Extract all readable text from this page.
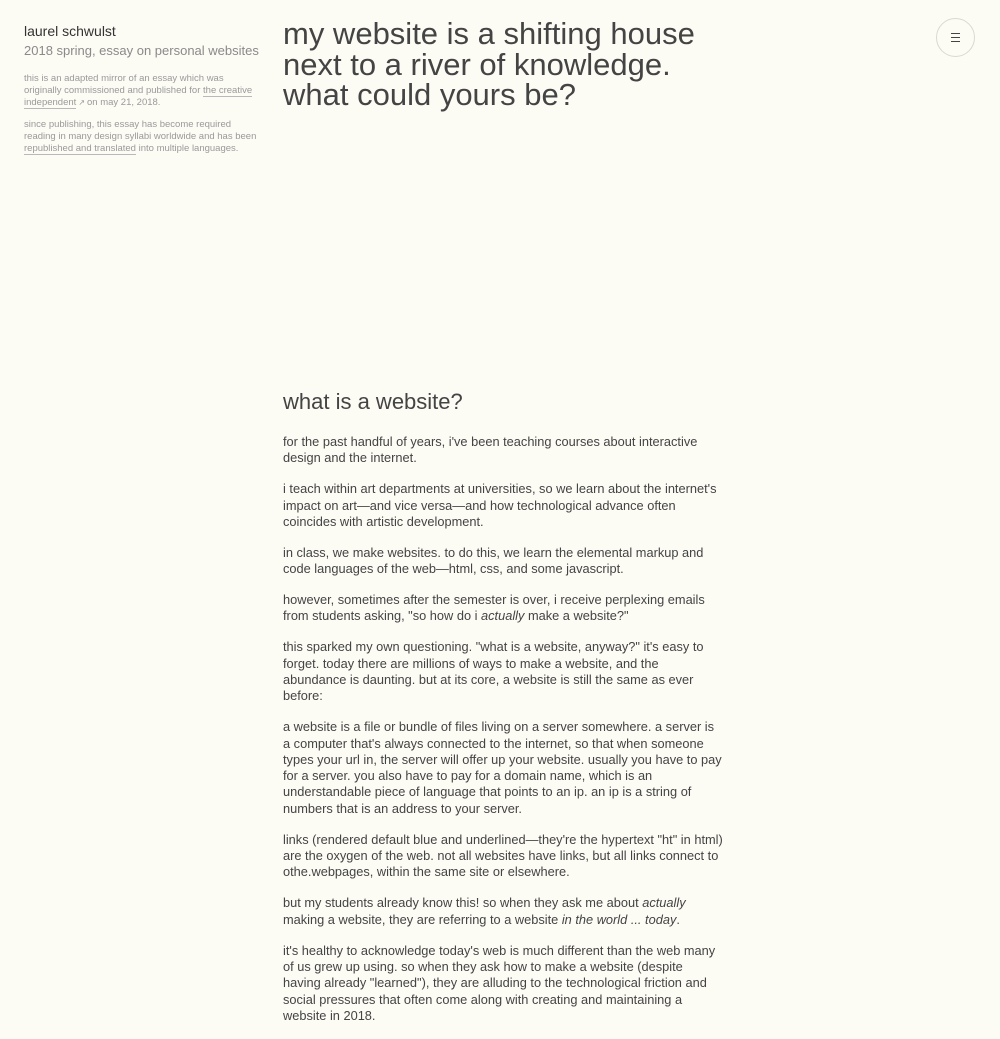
laurel schwulst

2018 spring, essay on personal websites

this is an adapted mirror of an essay which was originally commissioned and published for the creative independent ↗ on may 21, 2018.

since publishing, this essay has become required reading in many design syllabi worldwide and has been republished and translated into multiple languages.

my website is a shifting house next to a river of knowledge. what could yours be?
what is a website?

for the past handful of years, i've been teaching courses about interactive design and the internet.

i teach within art departments at universities, so we learn about the internet's impact on art—and vice versa—and how technological advance often coincides with artistic development.

in class, we make websites. to do this, we learn the elemental markup and code languages of the web—html, css, and some javascript.

however, sometimes after the semester is over, i receive perplexing emails from students asking, "so how do i actually make a website?"

this sparked my own questioning. "what is a website, anyway?" it's easy to forget. today there are millions of ways to make a website, and the abundance is daunting. but at its core, a website is still the same as ever before:

a website is a file or bundle of files living on a server somewhere. a server is a computer that's always connected to the internet, so that when someone types your url in, the server will offer up your website. usually you have to pay for a server. you also have to pay for a domain name, which is an understandable piece of language that points to an ip. an ip is a string of numbers that is an address to your server.

links (rendered default blue and underlined—they're the hypertext "ht" in html) are the oxygen of the web. not all websites have links, but all links connect to othe.webpages, within the same site or elsewhere.

but my students already know this! so when they ask me about actually making a website, they are referring to a website in the world ... today.

it's healthy to acknowledge today's web is much different than the web many of us grew up using. so when they ask how to make a website (despite having already "learned"), they are alluding to the technological friction and social pressures that often come along with creating and maintaining a website in 2018.
